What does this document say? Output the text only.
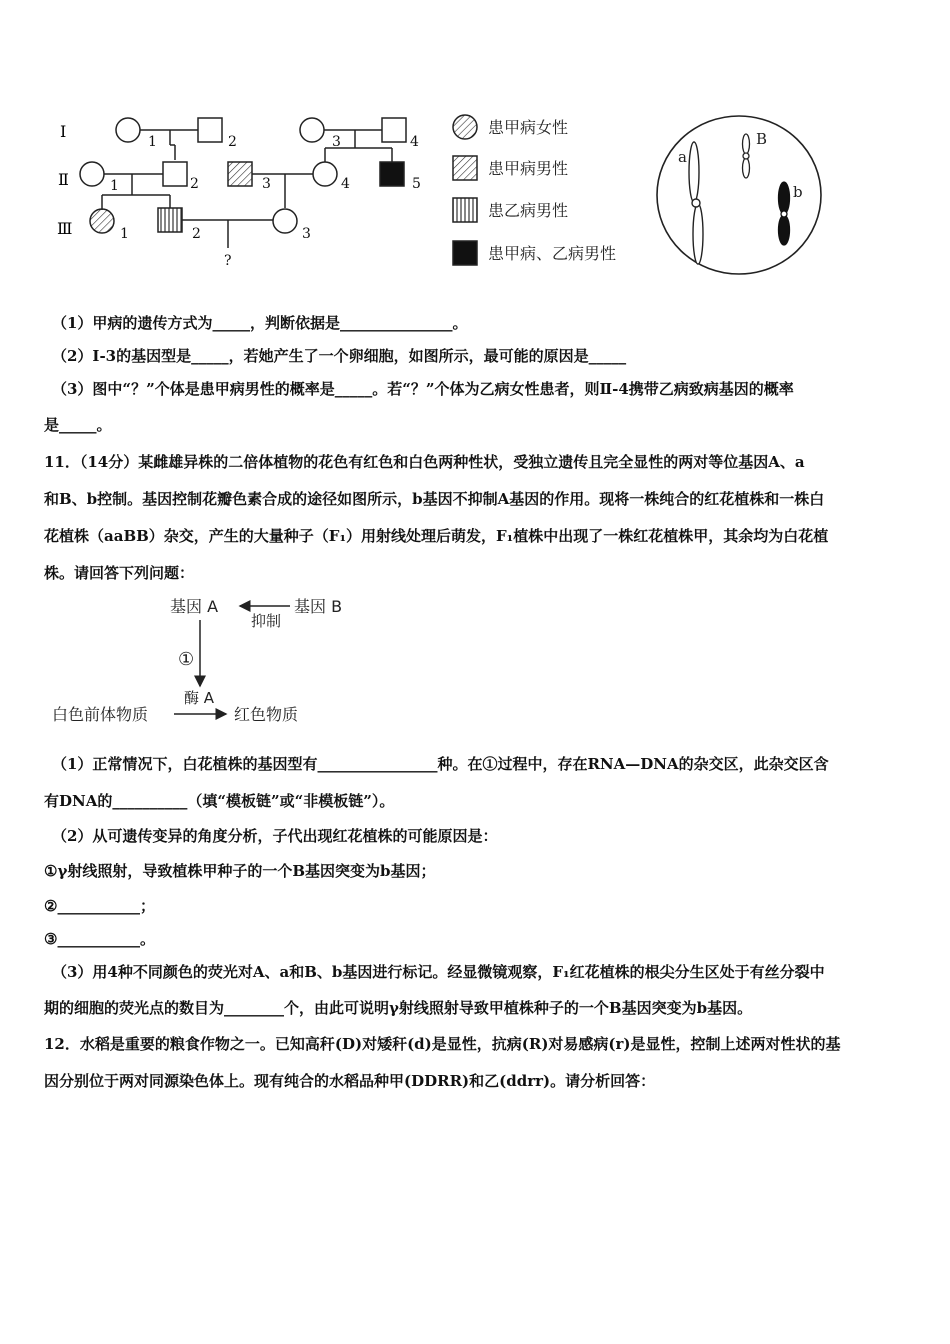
Ⅰ
Ⅱ
Ⅲ
1	2	3	4
1	2	3	4	5
1	2	3
?
患甲病女性
患甲病男性
患乙病男性
患甲病、乙病男性
a
B
b
（1）甲病的遗传方式为_____，判断依据是_______________。
（2）Ⅰ-3的基因型是_____，若她产生了一个卵细胞，如图所示，最可能的原因是_____
（3）图中“？”个体是患甲病男性的概率是_____。若“？”个体为乙病女性患者，则Ⅱ-4携带乙病致病基因的概率
是_____。
11．（14分）某雌雄异株的二倍体植物的花色有红色和白色两种性状，受独立遗传且完全显性的两对等位基因A、a
和B、b控制。基因控制花瓣色素合成的途径如图所示，b基因不抑制A基因的作用。现将一株纯合的红花植株和一株白
花植株（aaBB）杂交，产生的大量种子（F₁）用射线处理后萌发，F₁植株中出现了一株红花植株甲，其余均为白花植
株。请回答下列问题：
基因 A	基因 B
抑制
①
酶 A
白色前体物质	红色物质
（1）正常情况下，白花植株的基因型有________________种。在①过程中，存在RNA—DNA的杂交区，此杂交区含
有DNA的__________（填“模板链”或“非模板链”）。
（2）从可遗传变异的角度分析，子代出现红花植株的可能原因是：
①γ射线照射，导致植株甲种子的一个B基因突变为b基因；
②___________；
③___________。
（3）用4种不同颜色的荧光对A、a和B、b基因进行标记。经显微镜观察，F₁红花植株的根尖分生区处于有丝分裂中
期的细胞的荧光点的数目为________个，由此可说明γ射线照射导致甲植株种子的一个B基因突变为b基因。
12．水稻是重要的粮食作物之一。已知高秆(D)对矮秆(d)是显性，抗病(R)对易感病(r)是显性，控制上述两对性状的基
因分别位于两对同源染色体上。现有纯合的水稻品种甲(DDRR)和乙(ddrr)。请分析回答：
